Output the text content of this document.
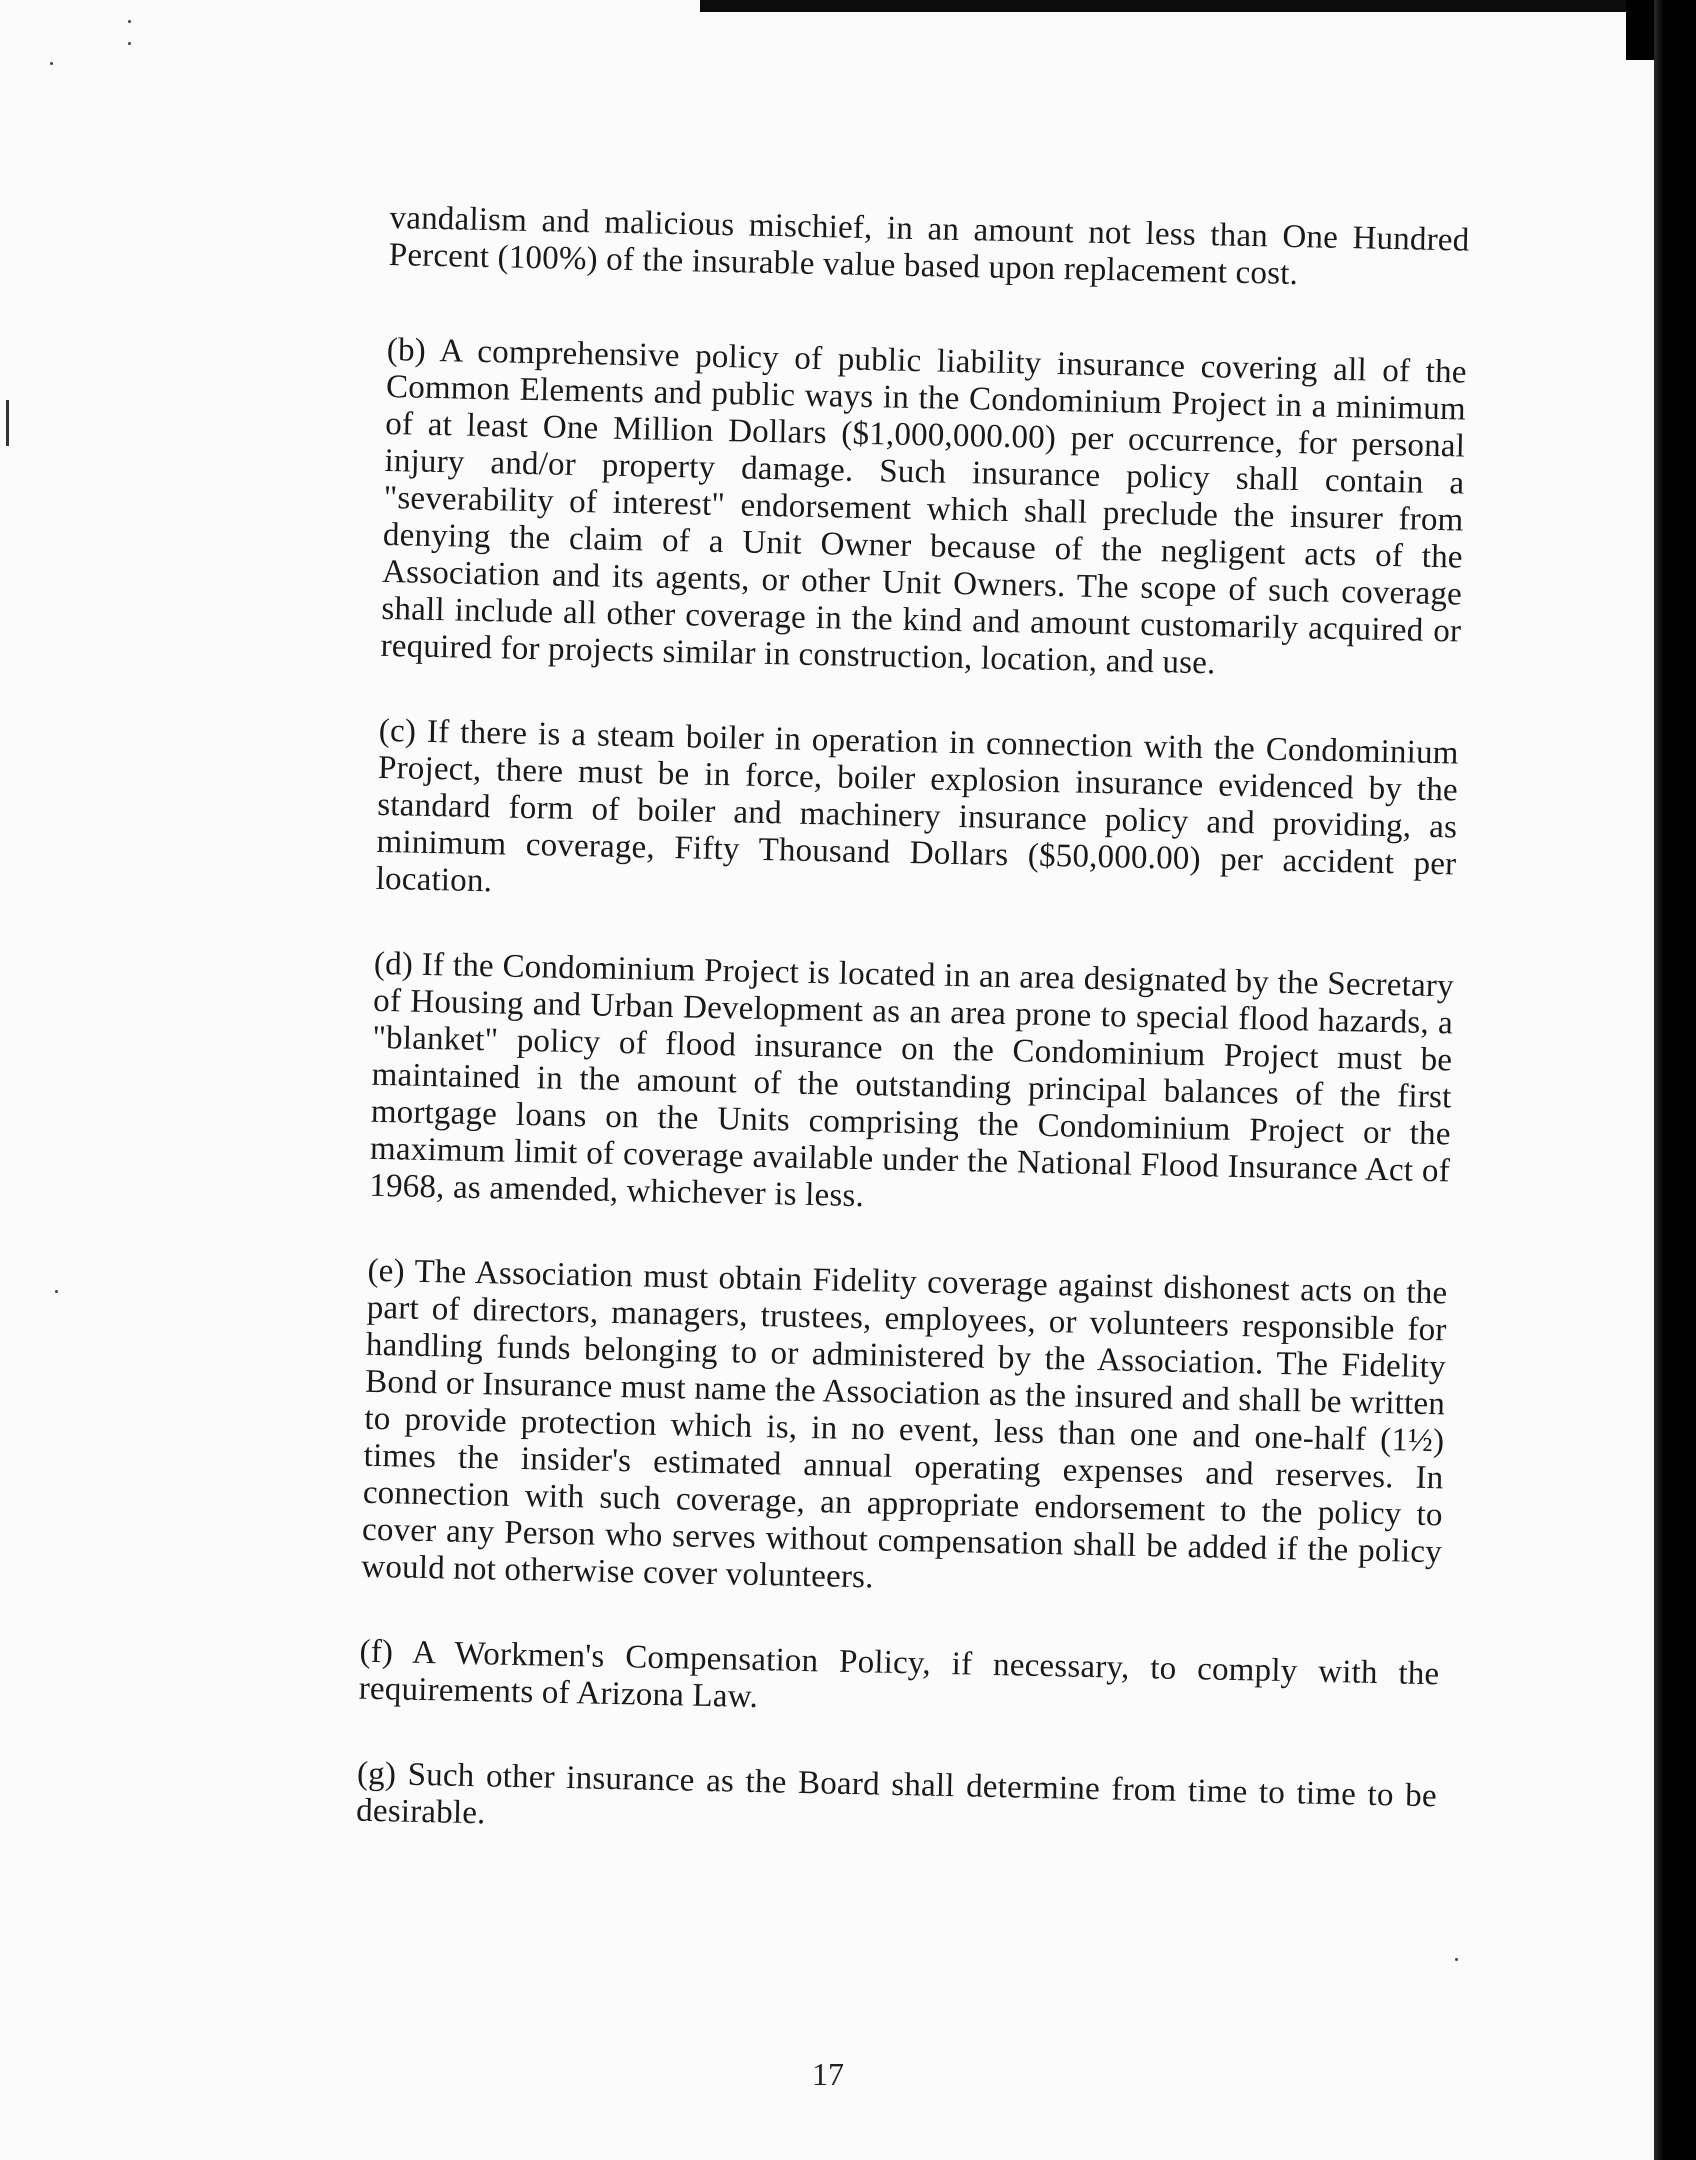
vandalism and malicious mischief, in an amount not less than One Hundred Percent (100%) of the insurable value based upon replacement cost.

(b) A comprehensive policy of public liability insurance covering all of the Common Elements and public ways in the Condominium Project in a minimum of at least One Million Dollars ($1,000,000.00) per occurrence, for personal injury and/or property damage. Such insurance policy shall contain a "severability of interest" endorsement which shall preclude the insurer from denying the claim of a Unit Owner because of the negligent acts of the Association and its agents, or other Unit Owners. The scope of such coverage shall include all other coverage in the kind and amount customarily acquired or required for projects similar in construction, location, and use.

(c) If there is a steam boiler in operation in connection with the Condominium Project, there must be in force, boiler explosion insurance evidenced by the standard form of boiler and machinery insurance policy and providing, as minimum coverage, Fifty Thousand Dollars ($50,000.00) per accident per location.

(d) If the Condominium Project is located in an area designated by the Secretary of Housing and Urban Development as an area prone to special flood hazards, a "blanket" policy of flood insurance on the Condominium Project must be maintained in the amount of the outstanding principal balances of the first mortgage loans on the Units comprising the Condominium Project or the maximum limit of coverage available under the National Flood Insurance Act of 1968, as amended, whichever is less.

(e) The Association must obtain Fidelity coverage against dishonest acts on the part of directors, managers, trustees, employees, or volunteers responsible for handling funds belonging to or administered by the Association. The Fidelity Bond or Insurance must name the Association as the insured and shall be written to provide protection which is, in no event, less than one and one-half (1½) times the insider's estimated annual operating expenses and reserves. In connection with such coverage, an appropriate endorsement to the policy to cover any Person who serves without compensation shall be added if the policy would not otherwise cover volunteers.

(f) A Workmen's Compensation Policy, if necessary, to comply with the requirements of Arizona Law.

(g) Such other insurance as the Board shall determine from time to time to be desirable.

17
